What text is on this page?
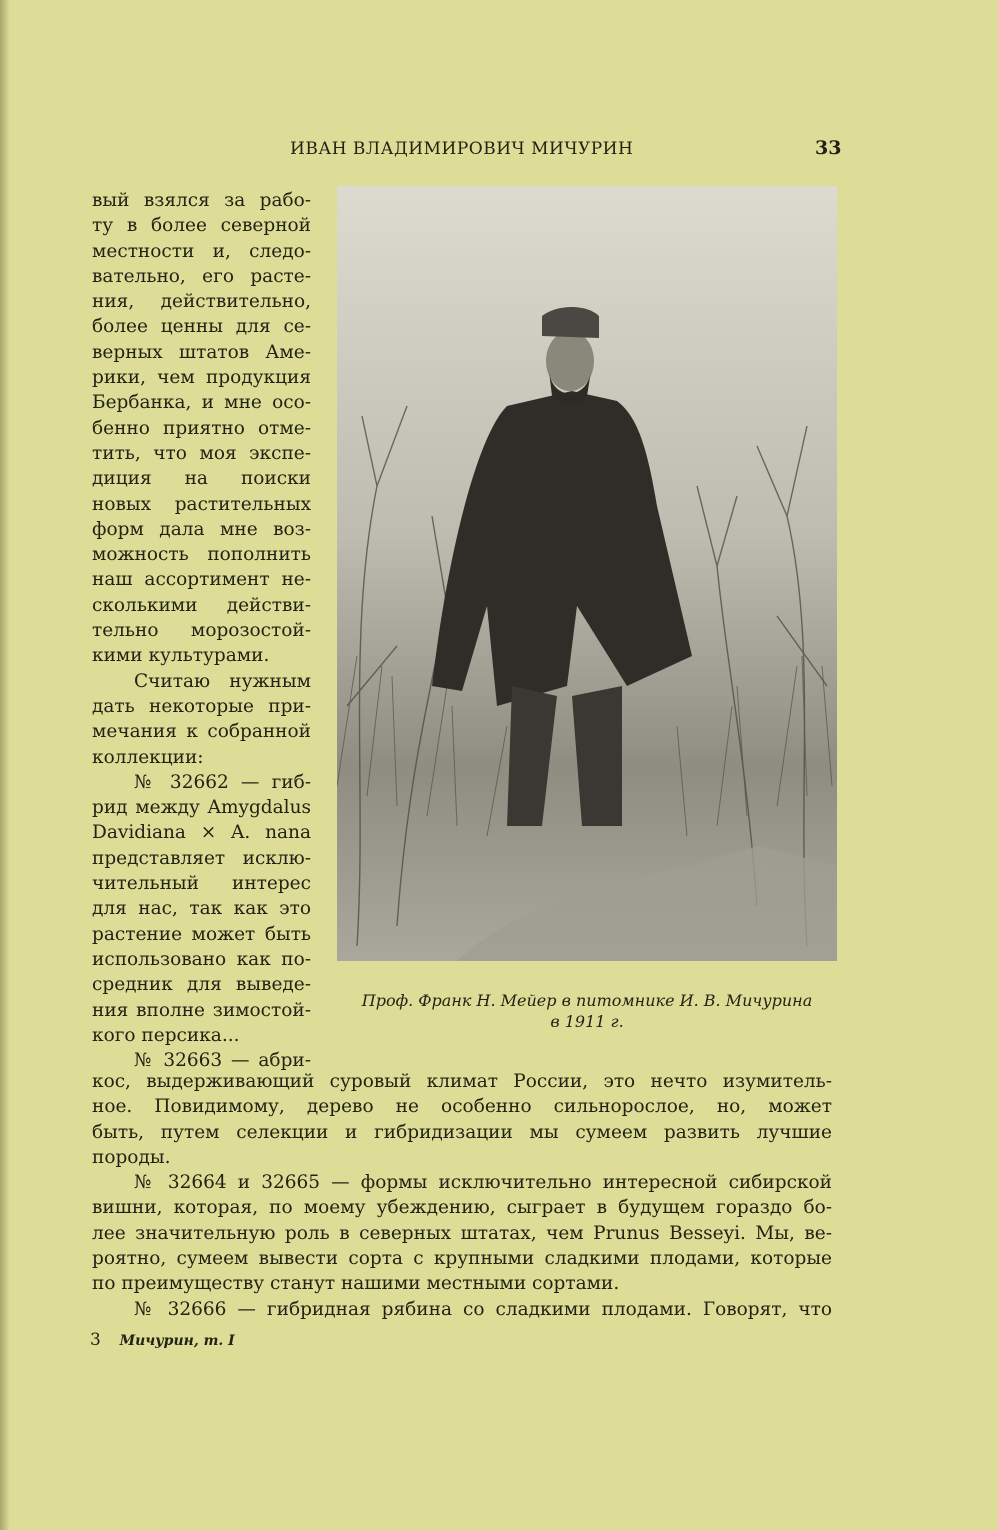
ИВАН ВЛАДИМИРОВИЧ МИЧУРИН	33
вый взялся за рабо-
ту в более северной
местности и, следо-
вательно, его расте-
ния, действительно,
более ценны для се-
верных штатов Аме-
рики, чем продукция
Бербанка, и мне осо-
бенно приятно отме-
тить, что моя экспе-
диция на поиски
новых растительных
форм дала мне воз-
можность пополнить
наш ассортимент не-
сколькими действи-
тельно морозостой-
кими культурами.
Считаю нужным
дать некоторые при-
мечания к собранной
коллекции:
№ 32662 — гиб-
рид между Amygdalus
Davidiana × A. nana
представляет исклю-
чительный интерес
для нас, так как это
растение может быть
использовано как по-
средник для выведе-
ния вполне зимостой-
кого персика...
№ 32663 — абри-
Проф. Франк Н. Мейер в питомнике И. В. Мичурина
в 1911 г.
кос, выдерживающий суровый климат России, это нечто изумитель-
ное. Повидимому, дерево не особенно сильнорослое, но, может
быть, путем селекции и гибридизации мы сумеем развить лучшие
породы.
№ 32664 и 32665 — формы исключительно интересной сибирской
вишни, которая, по моему убеждению, сыграет в будущем гораздо бо-
лее значительную роль в северных штатах, чем Prunus Besseyi. Мы, ве-
роятно, сумеем вывести сорта с крупными сладкими плодами, которые
по преимуществу станут нашими местными сортами.
№ 32666 — гибридная рябина со сладкими плодами. Говорят, что
3 Мичурин, т. I
